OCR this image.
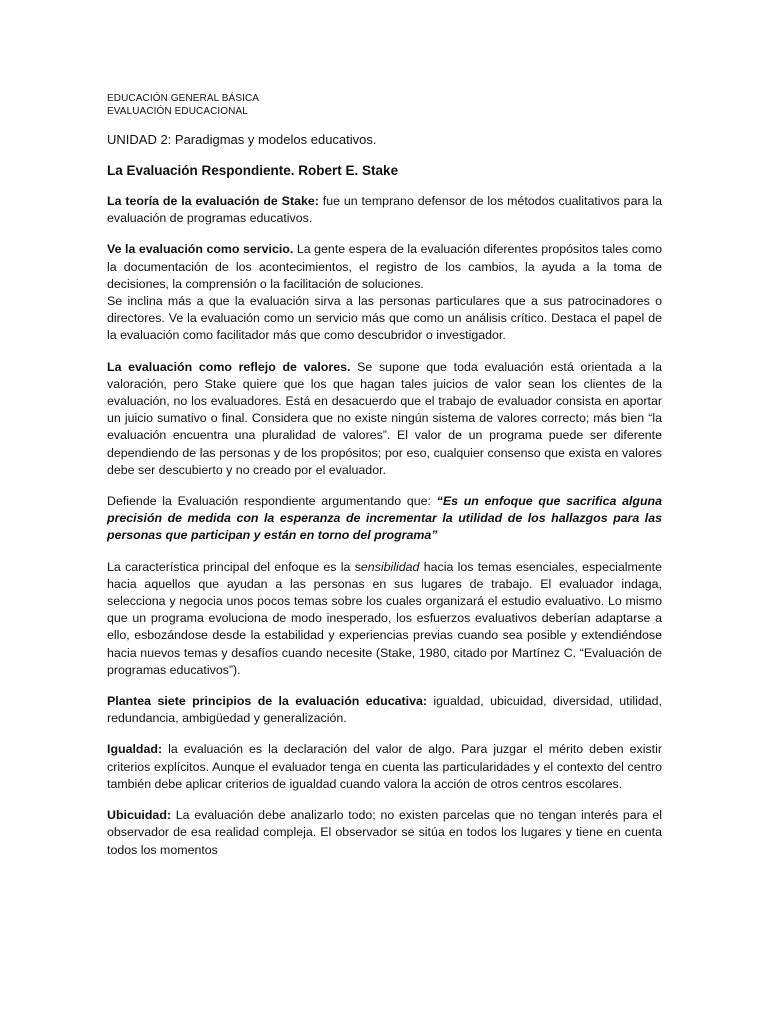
EDUCACIÓN GENERAL BÁSICA
EVALUACIÓN EDUCACIONAL
UNIDAD 2: Paradigmas y modelos educativos.
La Evaluación Respondiente. Robert E. Stake
La teoría de la evaluación de Stake: fue un temprano defensor de los métodos cualitativos para la evaluación de programas educativos.
Ve la evaluación como servicio. La gente espera de la evaluación diferentes propósitos tales como la documentación de los acontecimientos, el registro de los cambios, la ayuda a la toma de decisiones, la comprensión o la facilitación de soluciones.
Se inclina más a que la evaluación sirva a las personas particulares que a sus patrocinadores o directores. Ve la evaluación como un servicio más que como un análisis crítico. Destaca el papel de la evaluación como facilitador más que como descubridor o investigador.
La evaluación como reflejo de valores. Se supone que toda evaluación está orientada a la valoración, pero Stake quiere que los que hagan tales juicios de valor sean los clientes de la evaluación, no los evaluadores. Está en desacuerdo que el trabajo de evaluador consista en aportar un juicio sumativo o final. Considera que no existe ningún sistema de valores correcto; más bien “la evaluación encuentra una pluralidad de valores”. El valor de un programa puede ser diferente dependiendo de las personas y de los propósitos; por eso, cualquier consenso que exista en valores debe ser descubierto y no creado por el evaluador.
Defiende la Evaluación respondiente argumentando que: “Es un enfoque que sacrifica alguna precisión de medida con la esperanza de incrementar la utilidad de los hallazgos para las personas que participan y están en torno del programa”
La característica principal del enfoque es la sensibilidad hacia los temas esenciales, especialmente hacia aquellos que ayudan a las personas en sus lugares de trabajo. El evaluador indaga, selecciona y negocia unos pocos temas sobre los cuales organizará el estudio evaluativo. Lo mismo que un programa evoluciona de modo inesperado, los esfuerzos evaluativos deberían adaptarse a ello, esbozándose desde la estabilidad y experiencias previas cuando sea posible y extendiéndose hacia nuevos temas y desafíos cuando necesite (Stake, 1980, citado por Martínez C. “Evaluación de programas educativos”).
Plantea siete principios de la evaluación educativa: igualdad, ubicuidad, diversidad, utilidad, redundancia, ambigüedad y generalización.
Igualdad: la evaluación es la declaración del valor de algo. Para juzgar el mérito deben existir criterios explícitos. Aunque el evaluador tenga en cuenta las particularidades y el contexto del centro también debe aplicar criterios de igualdad cuando valora la acción de otros centros escolares.
Ubicuidad: La evaluación debe analizarlo todo; no existen parcelas que no tengan interés para el observador de esa realidad compleja. El observador se sitúa en todos los lugares y tiene en cuenta todos los momentos
